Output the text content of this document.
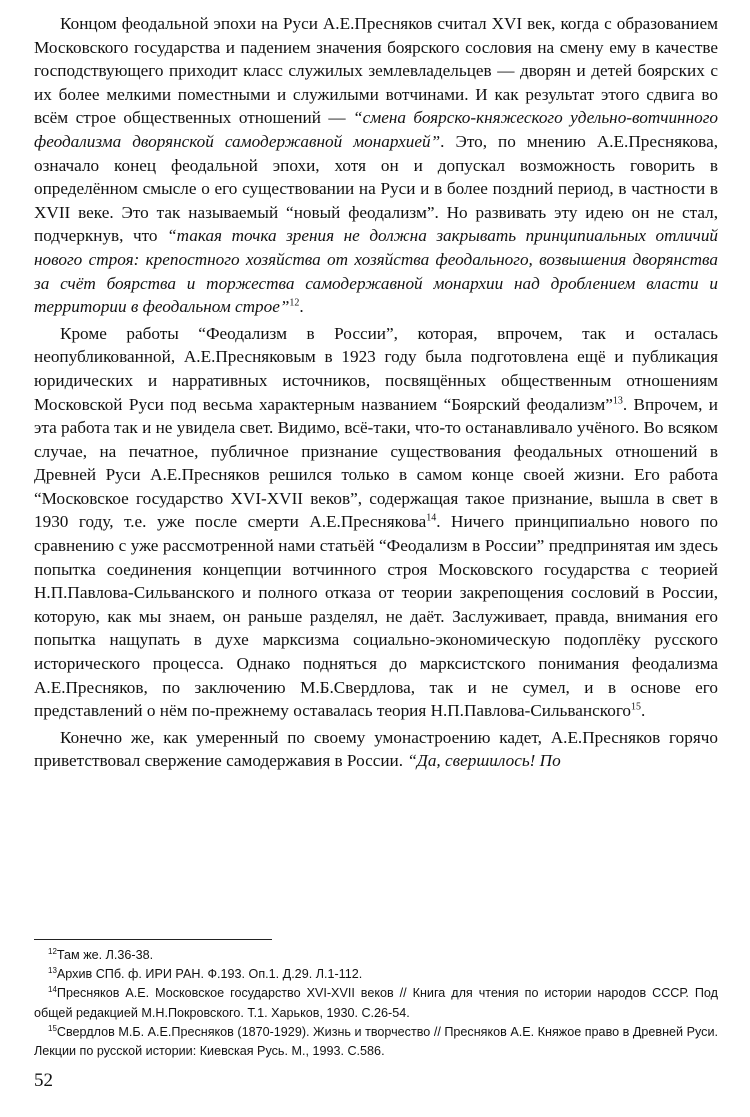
Концом феодальной эпохи на Руси А.Е.Пресняков считал XVI век, когда с образованием Московского государства и падением значения боярского сословия на смену ему в качестве господствующего приходит класс служилых землевладельцев — дворян и детей боярских с их более мелкими поместными и служилыми вотчинами. И как результат этого сдвига во всём строе общественных отношений — “смена боярско-княжеского удельно-вотчинного феодализма дворянской самодержавной монархией”. Это, по мнению А.Е.Преснякова, означало конец феодальной эпохи, хотя он и допускал возможность говорить в определённом смысле о его существовании на Руси и в более поздний период, в частности в XVII веке. Это так называемый “новый феодализм”. Но развивать эту идею он не стал, подчеркнув, что “такая точка зрения не должна закрывать принципиальных отличий нового строя: крепостного хозяйства от хозяйства феодального, возвышения дворянства за счёт боярства и торжества самодержавной монархии над дроблением власти и территории в феодальном строе”$^{12}$.

Кроме работы “Феодализм в России”, которая, впрочем, так и осталась неопубликованной, А.Е.Пресняковым в 1923 году была подготовлена ещё и публикация юридических и нарративных источников, посвящённых общественным отношениям Московской Руси под весьма характерным названием “Боярский феодализм”$^{13}$. Впрочем, и эта работа так и не увидела свет. Видимо, всё-таки, что-то останавливало учёного. Во всяком случае, на печатное, публичное признание существования феодальных отношений в Древней Руси А.Е.Пресняков решился только в самом конце своей жизни. Его работа “Московское государство XVI-XVII веков”, содержащая такое признание, вышла в свет в 1930 году, т.е. уже после смерти А.Е.Преснякова$^{14}$. Ничего принципиально нового по сравнению с уже рассмотренной нами статьёй “Феодализм в России” предпринятая им здесь попытка соединения концепции вотчинного строя Московского государства с теорией Н.П.Павлова-Сильванского и полного отказа от теории закрепощения сословий в России, которую, как мы знаем, он раньше разделял, не даёт. Заслуживает, правда, внимания его попытка нащупать в духе марксизма социально-экономическую подоплёку русского исторического процесса. Однако подняться до марксистского понимания феодализма А.Е.Пресняков, по заключению М.Б.Свердлова, так и не сумел, и в основе его представлений о нём по-прежнему оставалась теория Н.П.Павлова-Сильванского$^{15}$.

Конечно же, как умеренный по своему умонастроению кадет, А.Е.Пресняков горячо приветствовал свержение самодержавия в России. “Да, свершилось! По

$^{12}$Там же. Л.36-38.

$^{13}$Архив СПб. ф. ИРИ РАН. Ф.193. Оп.1. Д.29. Л.1-112.

$^{14}$Пресняков А.Е. Московское государство XVI-XVII веков // Книга для чтения по истории народов СССР. Под общей редакцией М.Н.Покровского. Т.1. Харьков, 1930. С.26-54.

$^{15}$Свердлов М.Б. А.Е.Пресняков (1870-1929). Жизнь и творчество // Пресняков А.Е. Княжое право в Древней Руси. Лекции по русской истории: Киевская Русь. М., 1993. С.586.

52
